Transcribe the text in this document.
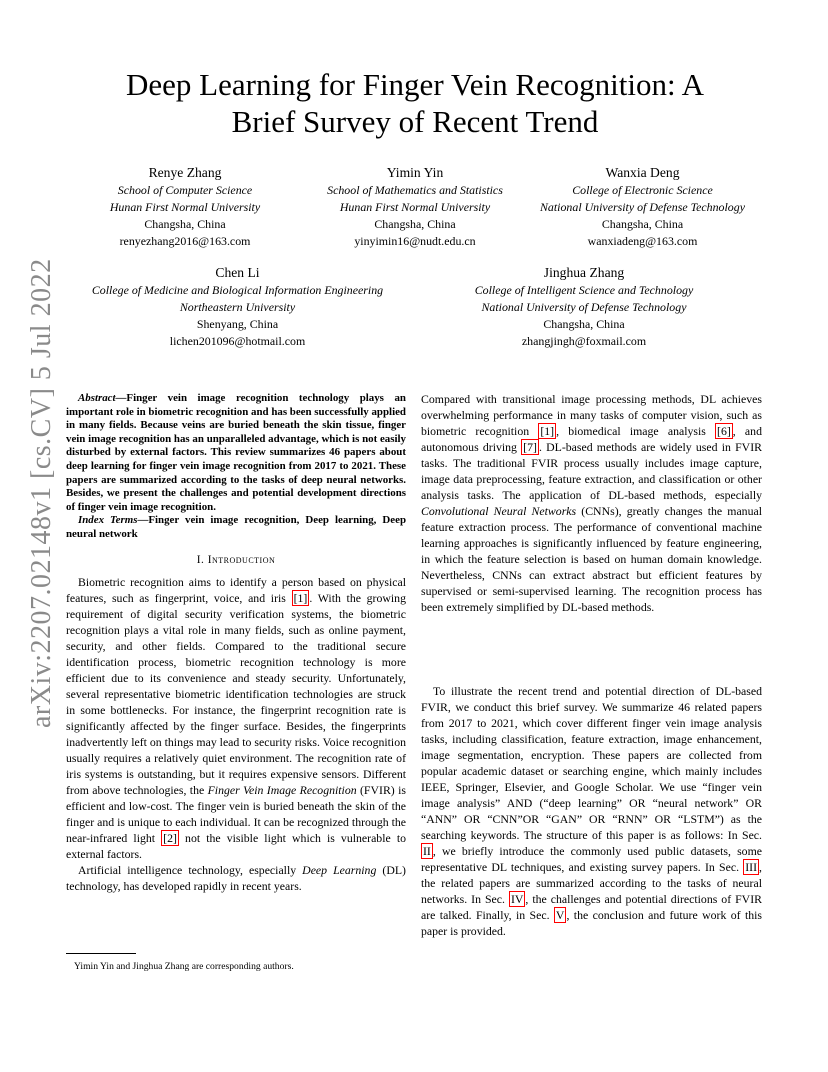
Deep Learning for Finger Vein Recognition: A
Brief Survey of Recent Trend
arXiv:2207.02148v1 [cs.CV] 5 Jul 2022
Renye Zhang
School of Computer Science
Hunan First Normal University
Changsha, China
renyezhang2016@163.com
Yimin Yin
School of Mathematics and Statistics
Hunan First Normal University
Changsha, China
yinyimin16@nudt.edu.cn
Wanxia Deng
College of Electronic Science
National University of Defense Technology
Changsha, China
wanxiadeng@163.com
Chen Li
College of Medicine and Biological Information Engineering
Northeastern University
Shenyang, China
lichen201096@hotmail.com
Jinghua Zhang
College of Intelligent Science and Technology
National University of Defense Technology
Changsha, China
zhangjingh@foxmail.com

Abstract—Finger vein image recognition technology plays an important role in biometric recognition and has been successfully applied in many fields. Because veins are buried beneath the skin tissue, finger vein image recognition has an unparalleled advantage, which is not easily disturbed by external factors. This review summarizes 46 papers about deep learning for finger vein image recognition from 2017 to 2021. These papers are summarized according to the tasks of deep neural networks. Besides, we present the challenges and potential development directions of finger vein image recognition.

Index Terms—Finger vein image recognition, Deep learning, Deep neural network

I. Introduction

Biometric recognition aims to identify a person based on physical features, such as fingerprint, voice, and iris [1] . With the growing requirement of digital security verification systems, the biometric recognition plays a vital role in many fields, such as online payment, security, and other fields. Compared to the traditional secure identification process, biometric recognition technology is more efficient due to its convenience and steady security. Unfortunately, several representative biometric identification technologies are struck in some bottlenecks. For instance, the fingerprint recognition rate is significantly affected by the finger surface. Besides, the fingerprints inadvertently left on things may lead to security risks. Voice recognition usually requires a relatively quiet environment. The recognition rate of iris systems is outstanding, but it requires expensive sensors. Different from above technologies, the Finger Vein Image Recognition (FVIR) is efficient and low-cost. The finger vein is buried beneath the skin of the finger and is unique to each individual. It can be recognized through the near-infrared light [2] not the visible light which is vulnerable to external factors.

Artificial intelligence technology, especially Deep Learning (DL) technology, has developed rapidly in recent years.

Yimin Yin and Jinghua Zhang are corresponding authors.

Compared with transitional image processing methods, DL achieves overwhelming performance in many tasks of computer vision, such as biometric recognition [1] , biomedical image analysis [6] , and autonomous driving [7] . DL-based methods are widely used in FVIR tasks. The traditional FVIR process usually includes image capture, image data preprocessing, feature extraction, and classification or other analysis tasks. The application of DL-based methods, especially Convolutional Neural Networks (CNNs), greatly changes the manual feature extraction process. The performance of conventional machine learning approaches is significantly influenced by feature engineering, in which the feature selection is based on human domain knowledge. Nevertheless, CNNs can extract abstract but efficient features by supervised or semi-supervised learning. The recognition process has been extremely simplified by DL-based methods.

To illustrate the recent trend and potential direction of DL-based FVIR, we conduct this brief survey. We summarize 46 related papers from 2017 to 2021, which cover different finger vein image analysis tasks, including classification, feature extraction, image enhancement, image segmentation, encryption. These papers are collected from popular academic dataset or searching engine, which mainly includes IEEE, Springer, Elsevier, and Google Scholar. We use “finger vein image analysis” AND (“deep learning” OR “neural network” OR “ANN” OR “CNN”OR “GAN” OR “RNN” OR “LSTM”) as the searching keywords. The structure of this paper is as follows: In Sec. II , we briefly introduce the commonly used public datasets, some representative DL techniques, and existing survey papers. In Sec. III , the related papers are summarized according to the tasks of neural networks. In Sec. IV , the challenges and potential directions of FVIR are talked. Finally, in Sec. V , the conclusion and future work of this paper is provided.
